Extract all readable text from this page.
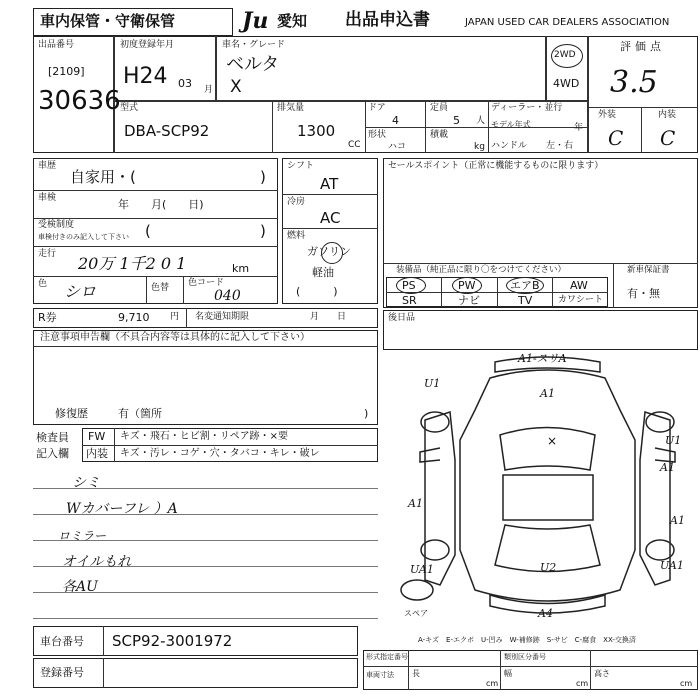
車内保管・守衛保管	Ju 愛知 出品申込書	JAPAN USED CAR DEALERS ASSOCIATION
出品番号
[2109]
30636
初度登録年月
H24 03 月
車名・グレード
ベルタ
X
2WD
4WD
評価点
3.5
外装	内装
C C
型式
DBA-SCP92
排気量
1300
CC
ドア
4
定員
5 人
形状
ハコ
積載
kg
ディーラー・並行
モデル年式	年
ハンドル 左・右
車歴
自家用・(	)
車検	年　　月(　　日)
受検制度
車検付きのみ記入して下さい (	)
走行 20万 1千2 0 1	km
色 シロ	色替 色コード
040
シフト
AT
冷房
AC
燃料
ガソリン
軽油
(　　　)
セールスポイント（正常に機能するものに限ります）
装備品（純正品に限り〇をつけてください）	新車保証書
有・無
PS	PW	エアB	AW
SR	ナビ	TV	カワシート
後日品
R券	9,710 円 名変通知期限	月　　日
注意事項申告欄（不具合内容等は具体的に記入して下さい）
修復歴	有（箇所	)
検査員
記入欄
FW キズ・飛石・ヒビ割・リペア跡・×要
内装 キズ・汚レ・コゲ・穴・タバコ・キレ・破レ
シミ
Wカバーフレ ）A
ロミラー
オイルもれ
各AU
A1-スリA
U1
A1
×	U1
A1
A1
A1
UA1	U2	UA1
A4
スペア
A-キズ　E-エクボ　U-凹み　W-補修跡　S-サビ　C-腐食　XX-交換済
車台番号 SCP92-3001972
登録番号
形式指定番号	類別区分番号
車両寸法 長	幅	高さ
cm	cm	cm
